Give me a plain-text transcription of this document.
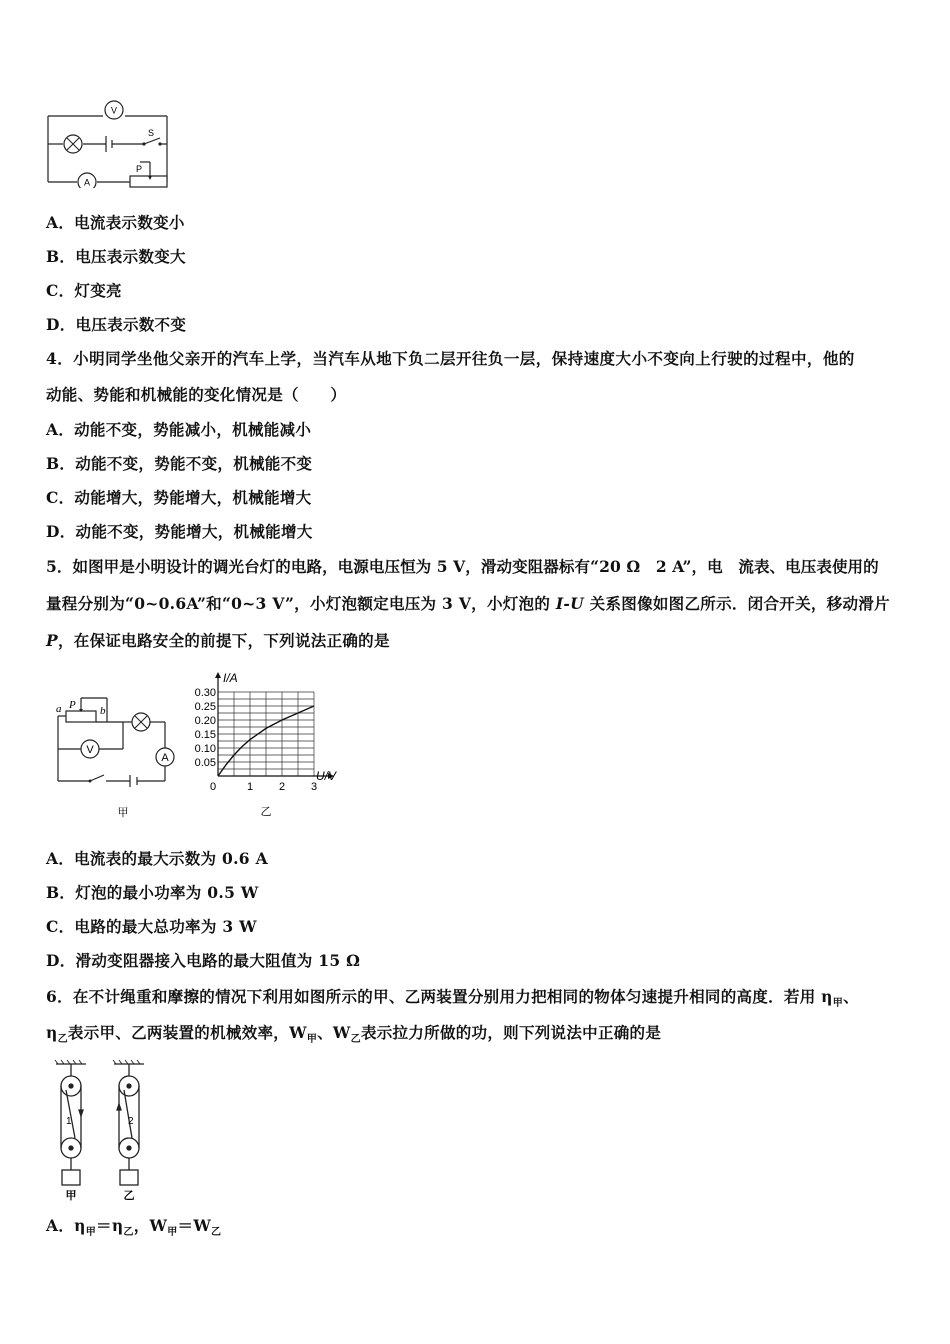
V
A
S
P
A．电流表示数变小
B．电压表示数变大
C．灯变亮
D．电压表示数不变
4．小明同学坐他父亲开的汽车上学，当汽车从地下负二层开往负一层，保持速度大小不变向上行驶的过程中，他的
动能、势能和机械能的变化情况是（　　）
A．动能不变，势能减小，机械能减小
B．动能不变，势能不变，机械能不变
C．动能增大，势能增大，机械能增大
D．动能不变，势能增大，机械能增大
5．如图甲是小明设计的调光台灯的电路，电源电压恒为 5 V，滑动变阻器标有“20 Ω　2 A”，电　流表、电压表使用的
量程分别为“0~0.6A”和“0~3 V”，小灯泡额定电压为 3 V，小灯泡的 I-U 关系图像如图乙所示．闭合开关，移动滑片
P，在保证电路安全的前提下，下列说法正确的是
V
A
a P b
甲
0	1 2 3
0.30
0.25
0.20
0.15
0.10
0.05
I/A
U/V
乙
A．电流表的最大示数为 0.6 A
B．灯泡的最小功率为 0.5 W
C．电路的最大总功率为 3 W
D．滑动变阻器接入电路的最大阻值为 15 Ω
6．在不计绳重和摩擦的情况下利用如图所示的甲、乙两装置分别用力把相同的物体匀速提升相同的高度．若用 $\eta_甲$、
$\eta_乙$表示甲、乙两装置的机械效率，$W_甲$、$W_乙$表示拉力所做的功，则下列说法中正确的是
1
甲
2
乙
A．$\eta_甲=\eta_乙$，$W_甲=W_乙$
